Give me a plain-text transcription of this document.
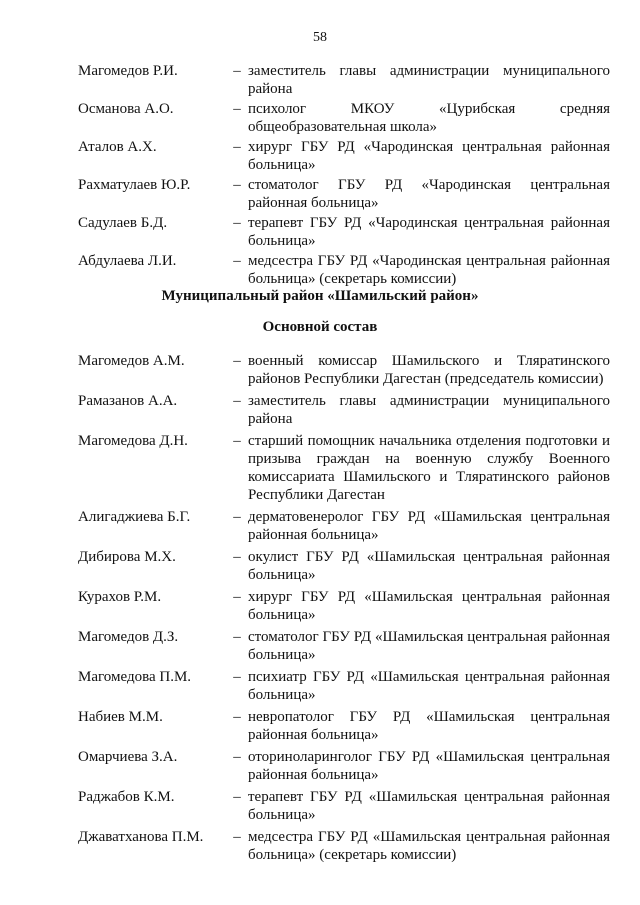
58
Магомедов Р.И.	– заместитель главы администрации муниципального района
Османова А.О.	– психолог МКОУ «Цурибская средняя общеобразовательная школа»
Аталов А.Х.	– хирург ГБУ РД «Чародинская центральная районная больница»
Рахматулаев Ю.Р.	– стоматолог ГБУ РД «Чародинская центральная районная больница»
Садулаев Б.Д.	– терапевт ГБУ РД «Чародинская центральная районная больница»
Абдулаева Л.И.	– медсестра ГБУ РД «Чародинская центральная районная больница» (секретарь комиссии)
Муниципальный район «Шамильский район»
Основной состав
Магомедов А.М.	– военный комиссар Шамильского и Тляратинского районов Республики Дагестан (председатель комиссии)
Рамазанов А.А.	– заместитель главы администрации муниципального района
Магомедова Д.Н.	– старший помощник начальника отделения подготовки и призыва граждан на военную службу Военного комиссариата Шамильского и Тляратинского районов Республики Дагестан
Алигаджиева Б.Г.	– дерматовенеролог ГБУ РД «Шамильская центральная районная больница»
Дибирова М.Х.	– окулист ГБУ РД «Шамильская центральная районная больница»
Курахов Р.М.	– хирург ГБУ РД «Шамильская центральная районная больница»
Магомедов Д.З.	– стоматолог ГБУ РД «Шамильская центральная районная больница»
Магомедова П.М.	– психиатр ГБУ РД «Шамильская центральная районная больница»
Набиев М.М.	– невропатолог ГБУ РД «Шамильская центральная районная больница»
Омарчиева З.А.	– оториноларинголог ГБУ РД «Шамильская центральная районная больница»
Раджабов К.М.	– терапевт ГБУ РД «Шамильская центральная районная больница»
Джаватханова П.М.	– медсестра ГБУ РД «Шамильская центральная районная больница» (секретарь комиссии)
